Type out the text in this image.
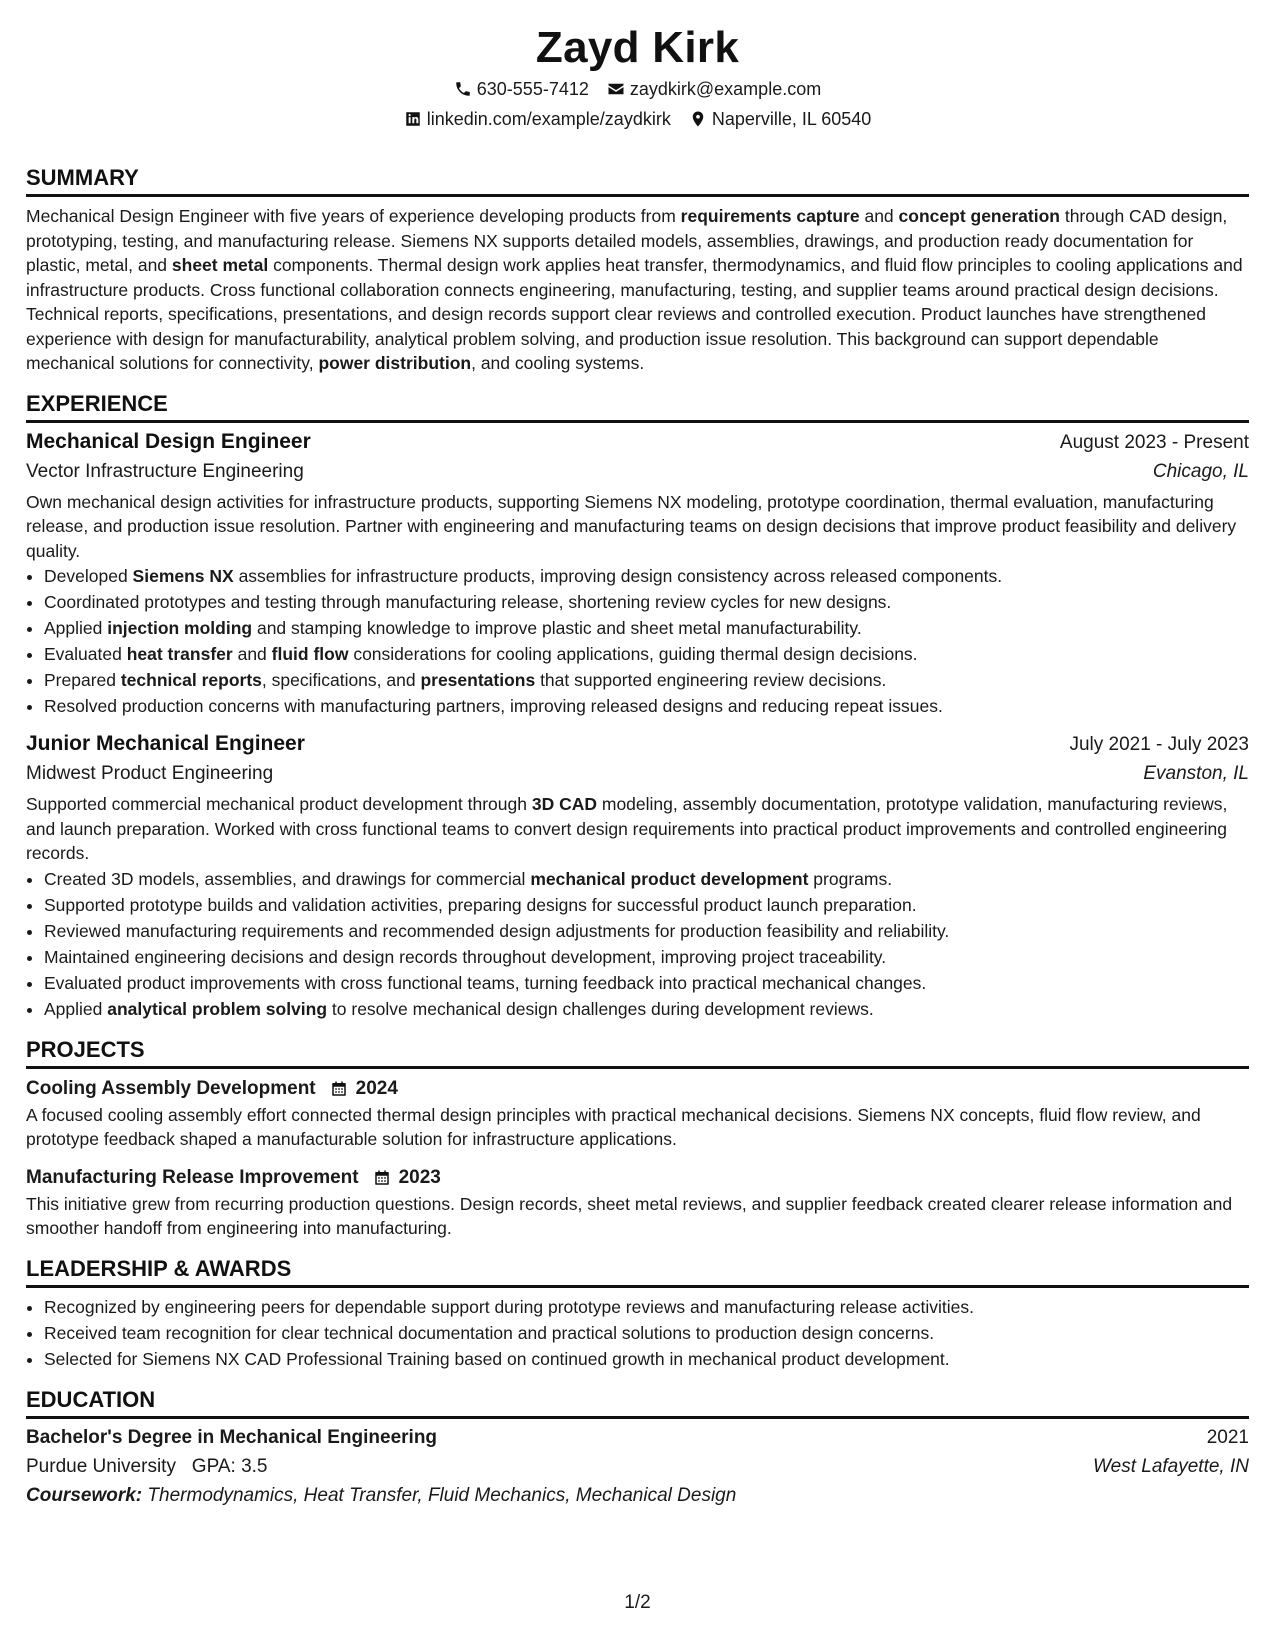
Zayd Kirk
630-555-7412 zaydkirk@example.com
linkedin.com/example/zaydkirk Naperville, IL 60540
SUMMARY
Mechanical Design Engineer with five years of experience developing products from requirements capture and concept generation through CAD design, prototyping, testing, and manufacturing release. Siemens NX supports detailed models, assemblies, drawings, and production ready documentation for plastic, metal, and sheet metal components. Thermal design work applies heat transfer, thermodynamics, and fluid flow principles to cooling applications and infrastructure products. Cross functional collaboration connects engineering, manufacturing, testing, and supplier teams around practical design decisions. Technical reports, specifications, presentations, and design records support clear reviews and controlled execution. Product launches have strengthened experience with design for manufacturability, analytical problem solving, and production issue resolution. This background can support dependable mechanical solutions for connectivity, power distribution, and cooling systems.
EXPERIENCE
Mechanical Design Engineer	August 2023 - Present
Vector Infrastructure Engineering	Chicago, IL
Own mechanical design activities for infrastructure products, supporting Siemens NX modeling, prototype coordination, thermal evaluation, manufacturing release, and production issue resolution. Partner with engineering and manufacturing teams on design decisions that improve product feasibility and delivery quality.
• Developed Siemens NX assemblies for infrastructure products, improving design consistency across released components.
• Coordinated prototypes and testing through manufacturing release, shortening review cycles for new designs.
• Applied injection molding and stamping knowledge to improve plastic and sheet metal manufacturability.
• Evaluated heat transfer and fluid flow considerations for cooling applications, guiding thermal design decisions.
• Prepared technical reports, specifications, and presentations that supported engineering review decisions.
• Resolved production concerns with manufacturing partners, improving released designs and reducing repeat issues.
Junior Mechanical Engineer	July 2021 - July 2023
Midwest Product Engineering	Evanston, IL
Supported commercial mechanical product development through 3D CAD modeling, assembly documentation, prototype validation, manufacturing reviews, and launch preparation. Worked with cross functional teams to convert design requirements into practical product improvements and controlled engineering records.
• Created 3D models, assemblies, and drawings for commercial mechanical product development programs.
• Supported prototype builds and validation activities, preparing designs for successful product launch preparation.
• Reviewed manufacturing requirements and recommended design adjustments for production feasibility and reliability.
• Maintained engineering decisions and design records throughout development, improving project traceability.
• Evaluated product improvements with cross functional teams, turning feedback into practical mechanical changes.
• Applied analytical problem solving to resolve mechanical design challenges during development reviews.
PROJECTS
Cooling Assembly Development 2024
A focused cooling assembly effort connected thermal design principles with practical mechanical decisions. Siemens NX concepts, fluid flow review, and prototype feedback shaped a manufacturable solution for infrastructure applications.
Manufacturing Release Improvement 2023
This initiative grew from recurring production questions. Design records, sheet metal reviews, and supplier feedback created clearer release information and smoother handoff from engineering into manufacturing.
LEADERSHIP & AWARDS
• Recognized by engineering peers for dependable support during prototype reviews and manufacturing release activities.
• Received team recognition for clear technical documentation and practical solutions to production design concerns.
• Selected for Siemens NX CAD Professional Training based on continued growth in mechanical product development.
EDUCATION
Bachelor's Degree in Mechanical Engineering	2021
Purdue University GPA: 3.5	West Lafayette, IN
Coursework: Thermodynamics, Heat Transfer, Fluid Mechanics, Mechanical Design
1/2
